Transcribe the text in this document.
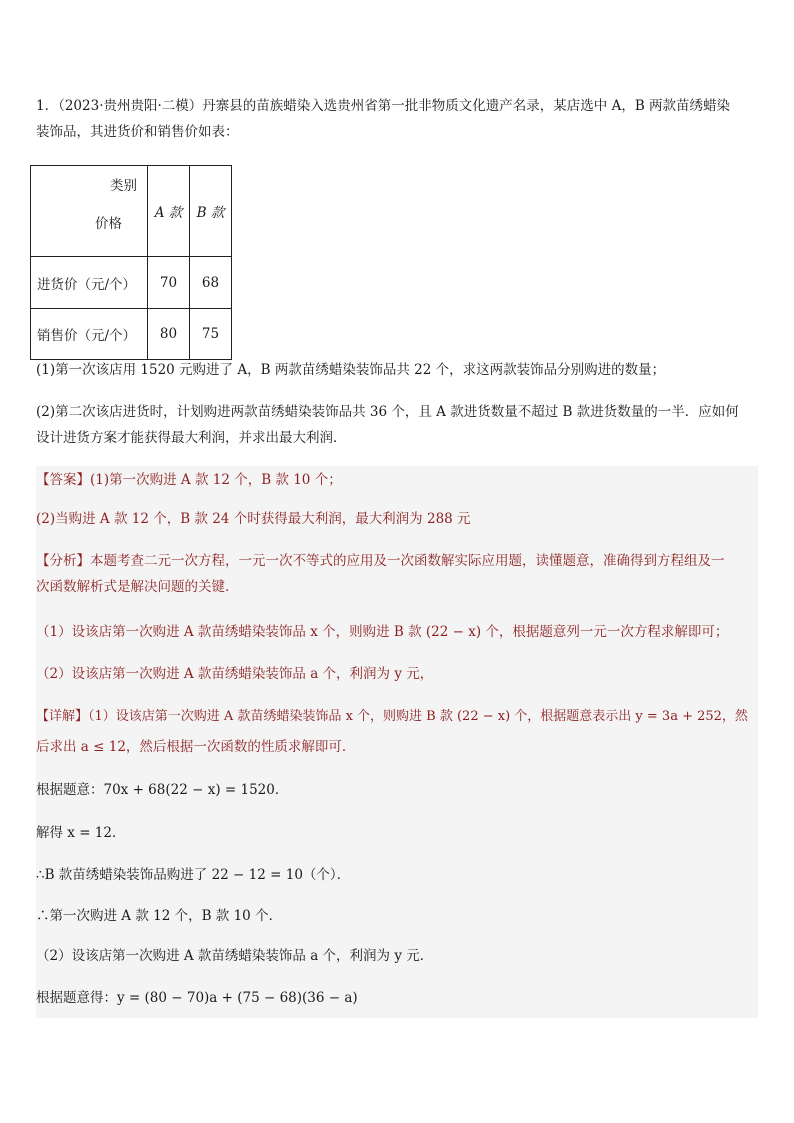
1．（2023·贵州贵阳·二模）丹寨县的苗族蜡染入选贵州省第一批非物质文化遗产名录，某店选中 A，B 两款苗绣蜡染
装饰品，其进货价和销售价如表：
类别
价格	A 款	B 款
进货价（元/个）	70	68
销售价（元/个）	80	75
(1)第一次该店用 1520 元购进了 A，B 两款苗绣蜡染装饰品共 22 个，求这两款装饰品分别购进的数量；
(2)第二次该店进货时，计划购进两款苗绣蜡染装饰品共 36 个，且 A 款进货数量不超过 B 款进货数量的一半．应如何
设计进货方案才能获得最大利润，并求出最大利润．
【答案】(1)第一次购进 A 款 12 个，B 款 10 个；
(2)当购进 A 款 12 个，B 款 24 个时获得最大利润，最大利润为 288 元
【分析】本题考查二元一次方程，一元一次不等式的应用及一次函数解实际应用题，读懂题意，准确得到方程组及一
次函数解析式是解决问题的关键．
（1）设该店第一次购进 A 款苗绣蜡染装饰品 x 个，则购进 B 款 (22 − x) 个，根据题意列一元一次方程求解即可；
（2）设该店第一次购进 A 款苗绣蜡染装饰品 a 个，利润为 y 元，
【详解】（1）设该店第一次购进 A 款苗绣蜡染装饰品 x 个，则购进 B 款 (22 − x) 个，根据题意表示出 y = 3a + 252，然
后求出 a ≤ 12，然后根据一次函数的性质求解即可．
根据题意：70x + 68(22 − x) = 1520．
解得 x = 12．
∴B 款苗绣蜡染装饰品购进了 22 − 12 = 10（个）．
∴第一次购进 A 款 12 个，B 款 10 个．
（2）设该店第一次购进 A 款苗绣蜡染装饰品 a 个，利润为 y 元．
根据题意得：y = (80 − 70)a + (75 − 68)(36 − a)
